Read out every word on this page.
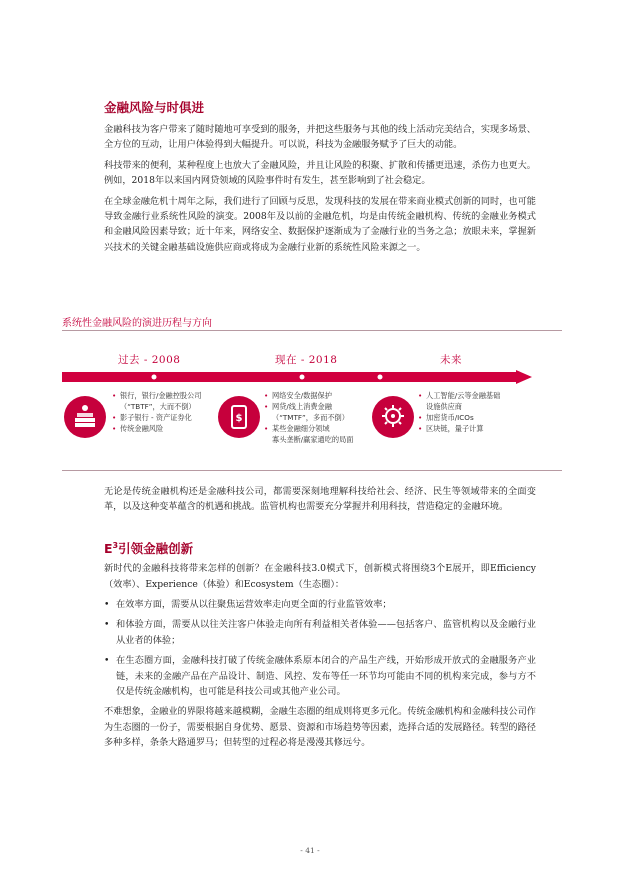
金融风险与时俱进

金融科技为客户带来了随时随地可享受到的服务，并把这些服务与其他的线上活动完美结合，实现多场景、全方位的互动，让用户体验得到大幅提升。可以说，科技为金融服务赋予了巨大的动能。

科技带来的便利，某种程度上也放大了金融风险，并且让风险的积聚、扩散和传播更迅速，杀伤力也更大。例如，2018年以来国内网贷领域的风险事件时有发生，甚至影响到了社会稳定。

在全球金融危机十周年之际，我们进行了回顾与反思，发现科技的发展在带来商业模式创新的同时，也可能导致金融行业系统性风险的演变。2008年及以前的金融危机，均是由传统金融机构、传统的金融业务模式和金融风险因素导致；近十年来，网络安全、数据保护逐渐成为了金融行业的当务之急；放眼未来，掌握新兴技术的关键金融基础设施供应商或将成为金融行业新的系统性风险来源之一。

系统性金融风险的演进历程与方向
过去 - 2008	现在 - 2018	未来
• 银行，银行/金融控股公司
（“TBTF”，大而不倒）
• 影子银行 - 资产证券化
• 传统金融风险
$
• 网络安全/数据保护
• 网贷/线上消费金融
（“TMTF”，多而不倒）
• 某些金融细分领域
寡头垄断/赢家通吃的局面
• 人工智能/云等金融基础
设施供应商
• 加密货币/ICOs
• 区块链，量子计算

无论是传统金融机构还是金融科技公司，都需要深刻地理解科技给社会、经济、民生等领域带来的全面变革，以及这种变革蕴含的机遇和挑战。监管机构也需要充分掌握并利用科技，营造稳定的金融环境。

$E^3$引领金融创新

新时代的金融科技将带来怎样的创新？在金融科技3.0模式下，创新模式将围绕3个E展开，即Efficiency（效率）、Experience（体验）和Ecosystem（生态圈）：

• 在效率方面，需要从以往聚焦运营效率走向更全面的行业监管效率；
• 和体验方面，需要从以往关注客户体验走向所有利益相关者体验——包括客户、监管机构以及金融行业从业者的体验；
• 在生态圈方面，金融科技打破了传统金融体系原本闭合的产品生产线，开始形成开放式的金融服务产业链，未来的金融产品在产品设计、制造、风控、发布等任一环节均可能由不同的机构来完成，参与方不仅是传统金融机构，也可能是科技公司或其他产业公司。

不难想象，金融业的界限将越来越模糊，金融生态圈的组成则将更多元化。传统金融机构和金融科技公司作为生态圈的一份子，需要根据自身优势、愿景、资源和市场趋势等因素，选择合适的发展路径。转型的路径多种多样，条条大路通罗马；但转型的过程必将是漫漫其修远兮。

- 41 -
